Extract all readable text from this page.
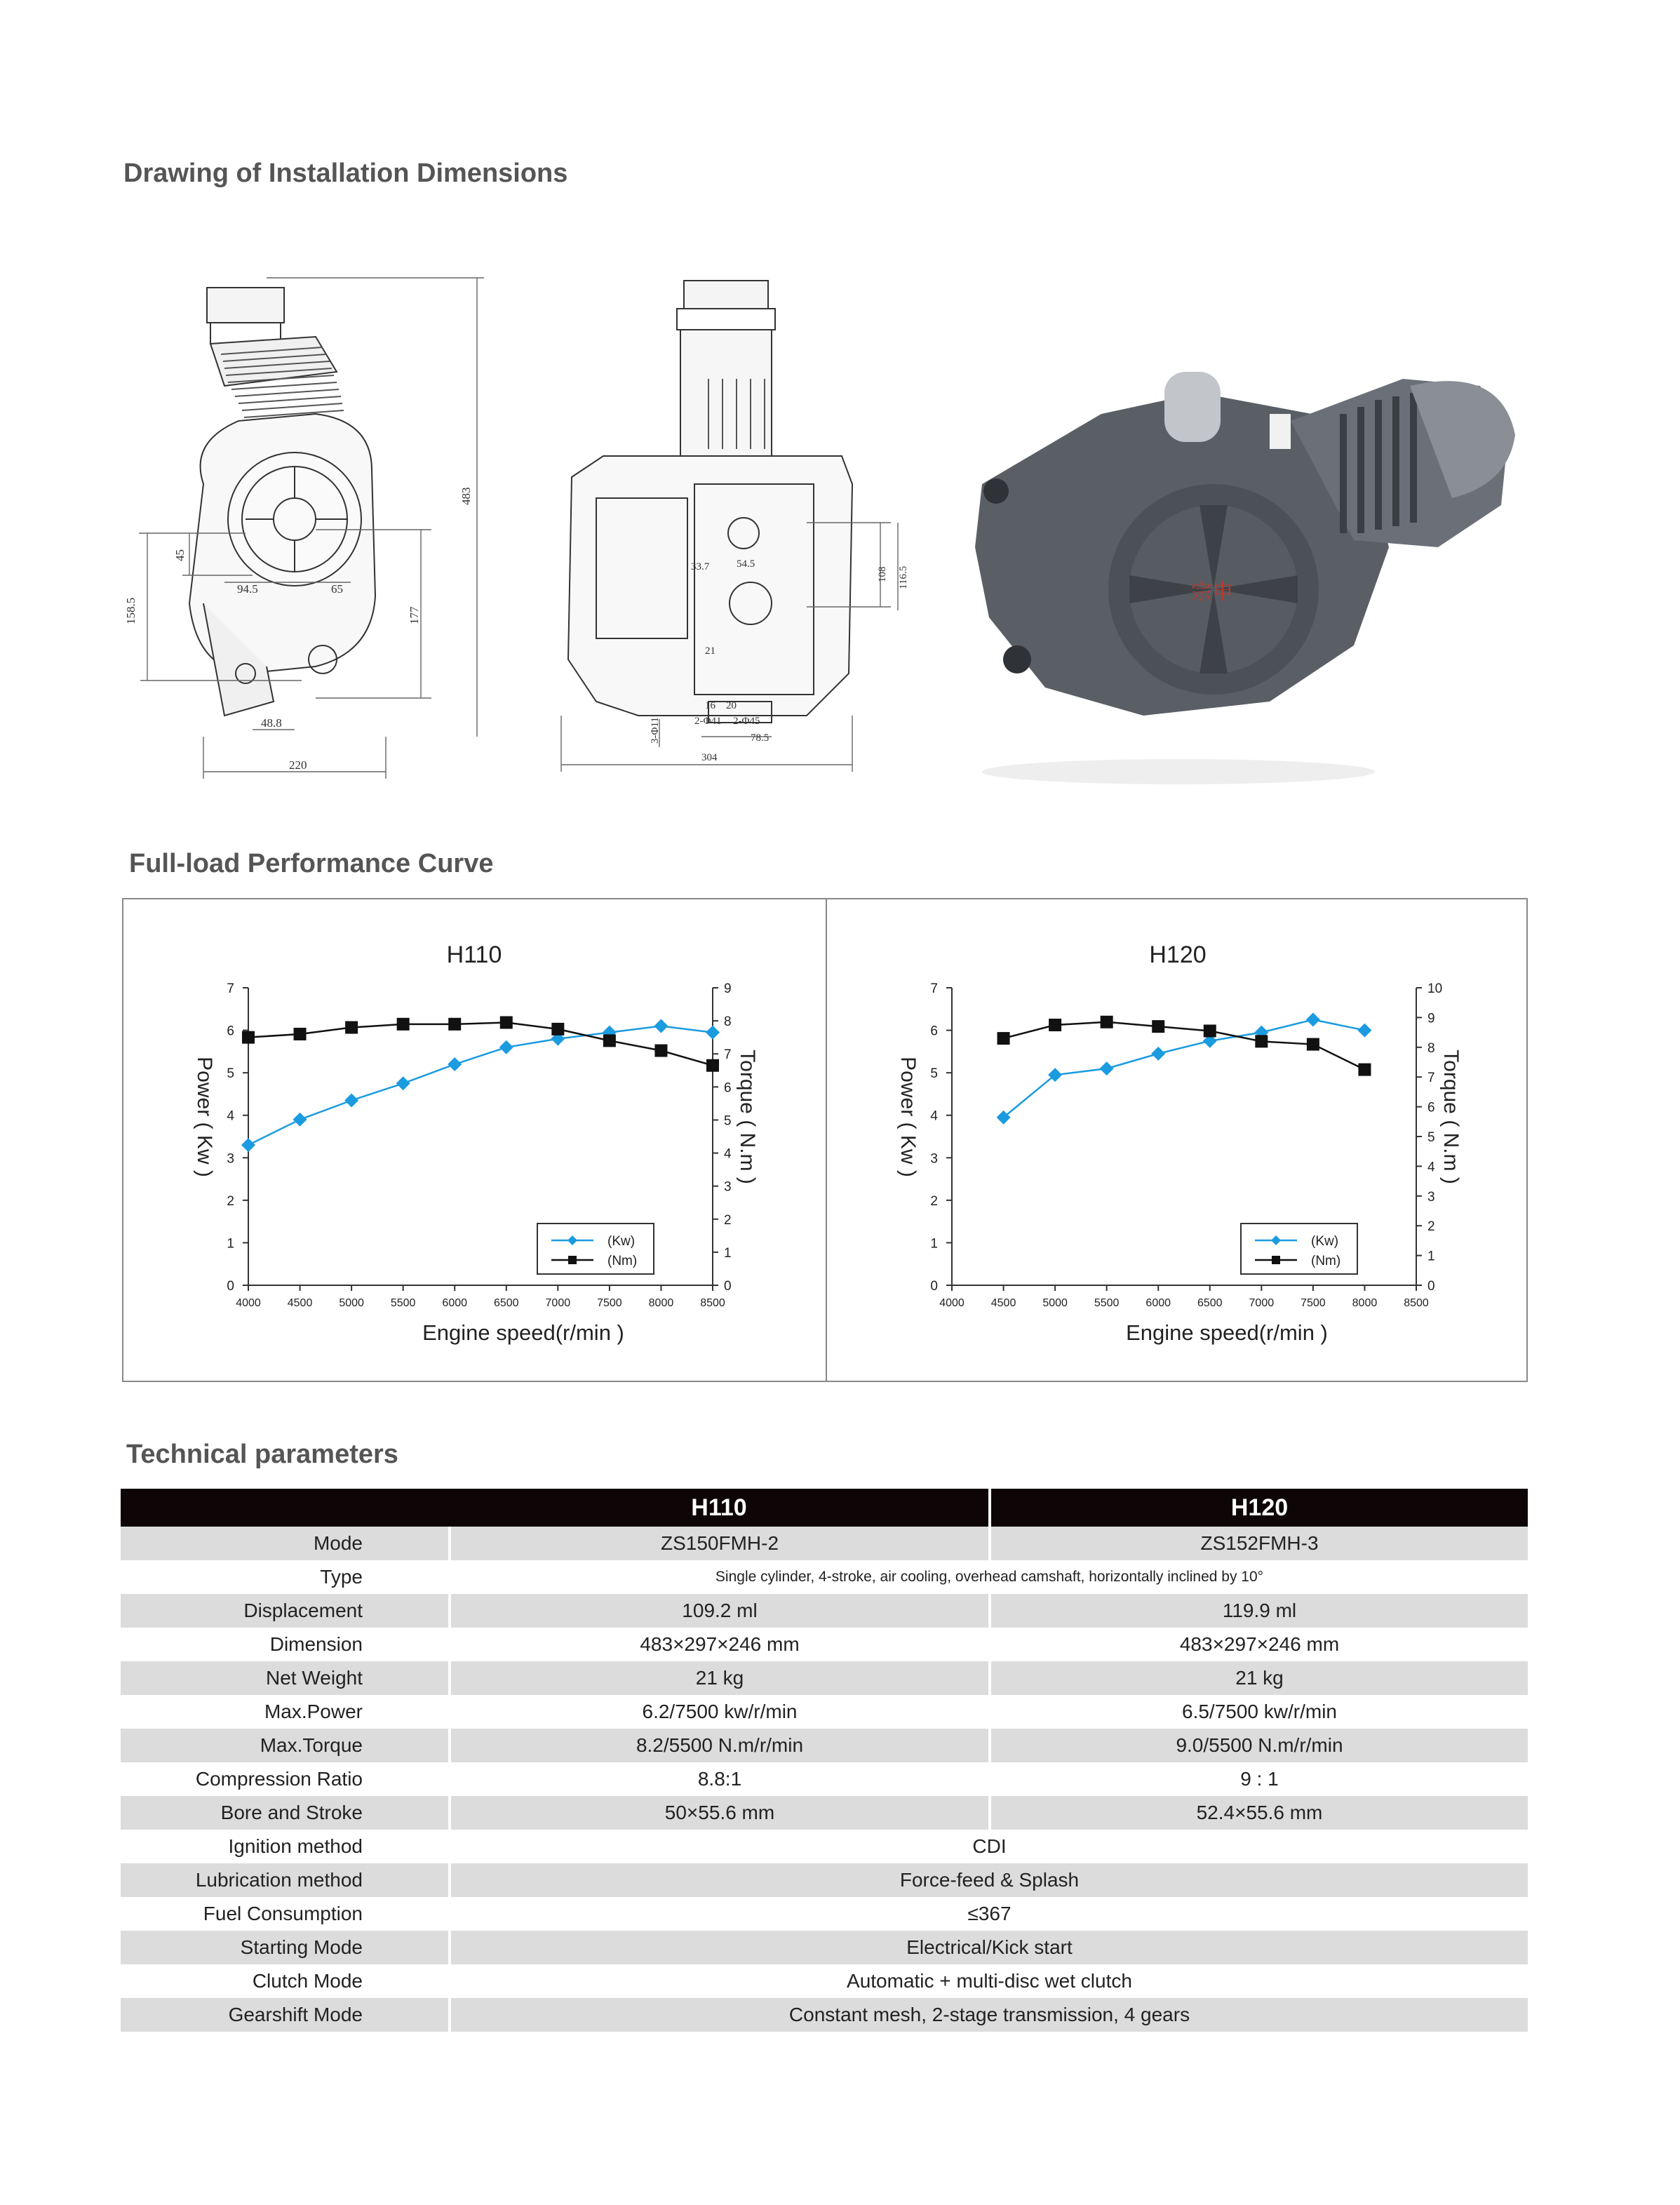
Drawing of Installation Dimensions
Full-load Performance Curve
Technical parameters
483
158.5
45
94.5	65
177
48.8
220
108 116.5
33.7	54.5
2-Φ41 2-Φ45
16 20
78.5
3-Φ11
21
304
宗申
H110
0
1
2
3
4
5
6
7
0
1
2
3
4
5
6
7
8
9
4000 4500 5000 5500 6000 6500 7000 7500 8000 8500
Engine speed(r/min )
Power ( Kw )	Torque ( N.m )
(Kw)
(Nm)
H120
0
1
2
3
4
5
6
7
0
1
2
3
4
5
6
7
8
9
10
4000 4500 5000 5500 6000 6500 7000 7500 8000 8500
Engine speed(r/min )
Power ( Kw )	Torque ( N.m )
(Kw)
(Nm)
	H110	H120
Mode	ZS150FMH-2	ZS152FMH-3
Type	Single cylinder, 4-stroke, air cooling, overhead camshaft, horizontally inclined by 10°	
Displacement	109.2 ml	119.9 ml
Dimension	483×297×246 mm	483×297×246 mm
Net Weight	21 kg	21 kg
Max.Power	6.2/7500 kw/r/min	6.5/7500 kw/r/min
Max.Torque	8.2/5500 N.m/r/min	9.0/5500 N.m/r/min
Compression Ratio	8.8:1	9 : 1
Bore and Stroke	50×55.6 mm	52.4×55.6 mm
Ignition method	CDI	
Lubrication method	Force-feed & Splash	
Fuel Consumption	≤367	
Starting Mode	Electrical/Kick start	
Clutch Mode	Automatic + multi-disc wet clutch	
Gearshift Mode	Constant mesh, 2-stage transmission, 4 gears	
